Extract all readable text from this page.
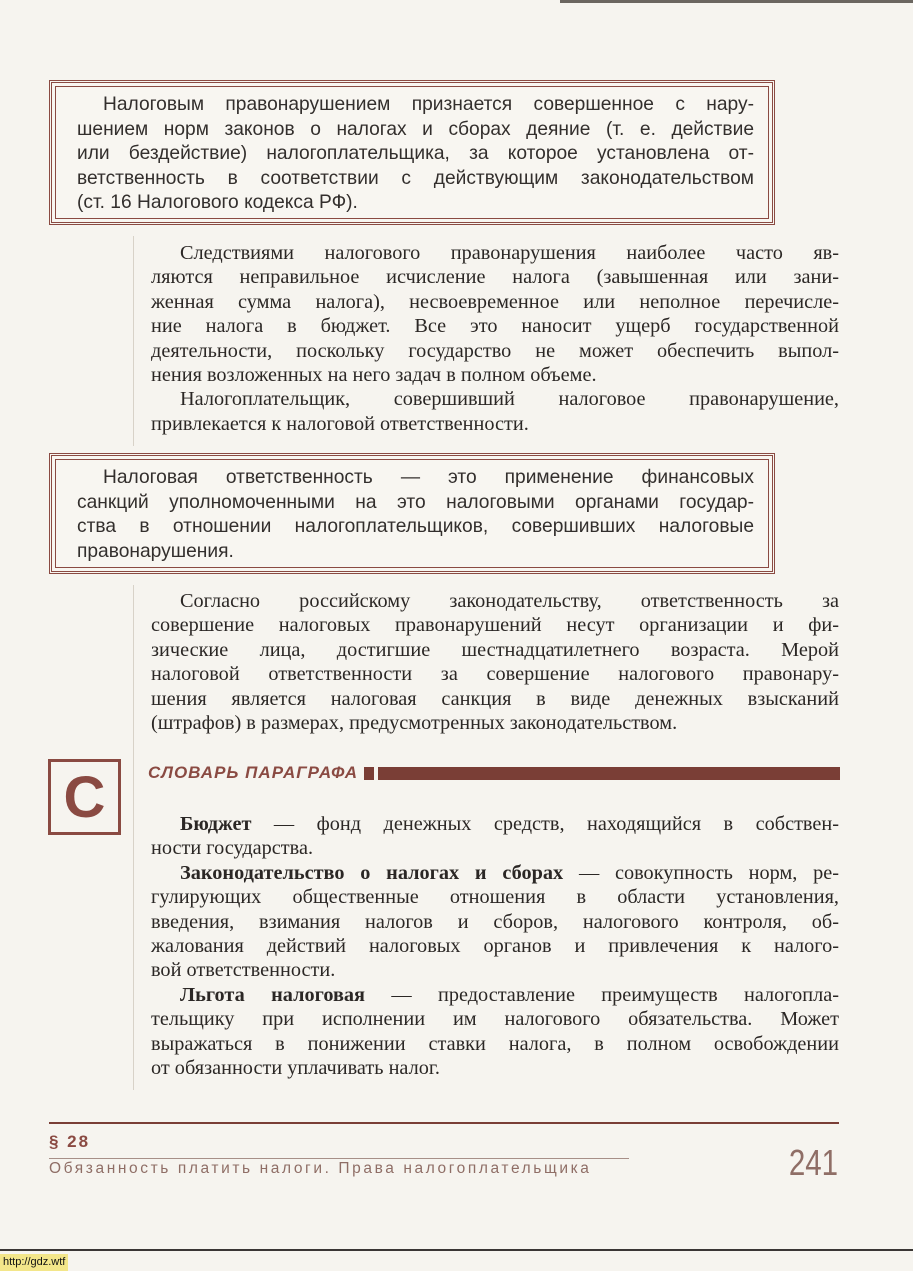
Налоговым правонарушением признается совершенное с нару-
шением норм законов о налогах и сборах деяние (т. е. действие
или бездействие) налогоплательщика, за которое установлена от-
ветственность в соответствии с действующим законодательством
(ст. 16 Налогового кодекса РФ).
Следствиями налогового правонарушения наиболее часто яв-
ляются неправильное исчисление налога (завышенная или зани-
женная сумма налога), несвоевременное или неполное перечисле-
ние налога в бюджет. Все это наносит ущерб государственной
деятельности, поскольку государство не может обеспечить выпол-
нения возложенных на него задач в полном объеме.
Налогоплательщик, совершивший налоговое правонарушение,
привлекается к налоговой ответственности.
Налоговая ответственность — это применение финансовых
санкций уполномоченными на это налоговыми органами государ-
ства в отношении налогоплательщиков, совершивших налоговые
правонарушения.
Согласно российскому законодательству, ответственность за
совершение налоговых правонарушений несут организации и фи-
зические лица, достигшие шестнадцатилетнего возраста. Мерой
налоговой ответственности за совершение налогового правонару-
шения является налоговая санкция в виде денежных взысканий
(штрафов) в размерах, предусмотренных законодательством.
С	СЛОВАРЬ ПАРАГРАФА
Бюджет — фонд денежных средств, находящийся в собствен-
ности государства.
Законодательство о налогах и сборах — совокупность норм, ре-
гулирующих общественные отношения в области установления,
введения, взимания налогов и сборов, налогового контроля, об-
жалования действий налоговых органов и привлечения к налого-
вой ответственности.
Льгота налоговая — предоставление преимуществ налогопла-
тельщику при исполнении им налогового обязательства. Может
выражаться в понижении ставки налога, в полном освобождении
от обязанности уплачивать налог.
§ 28
Обязанность платить налоги. Права налогоплательщика	241
http://gdz.wtf
